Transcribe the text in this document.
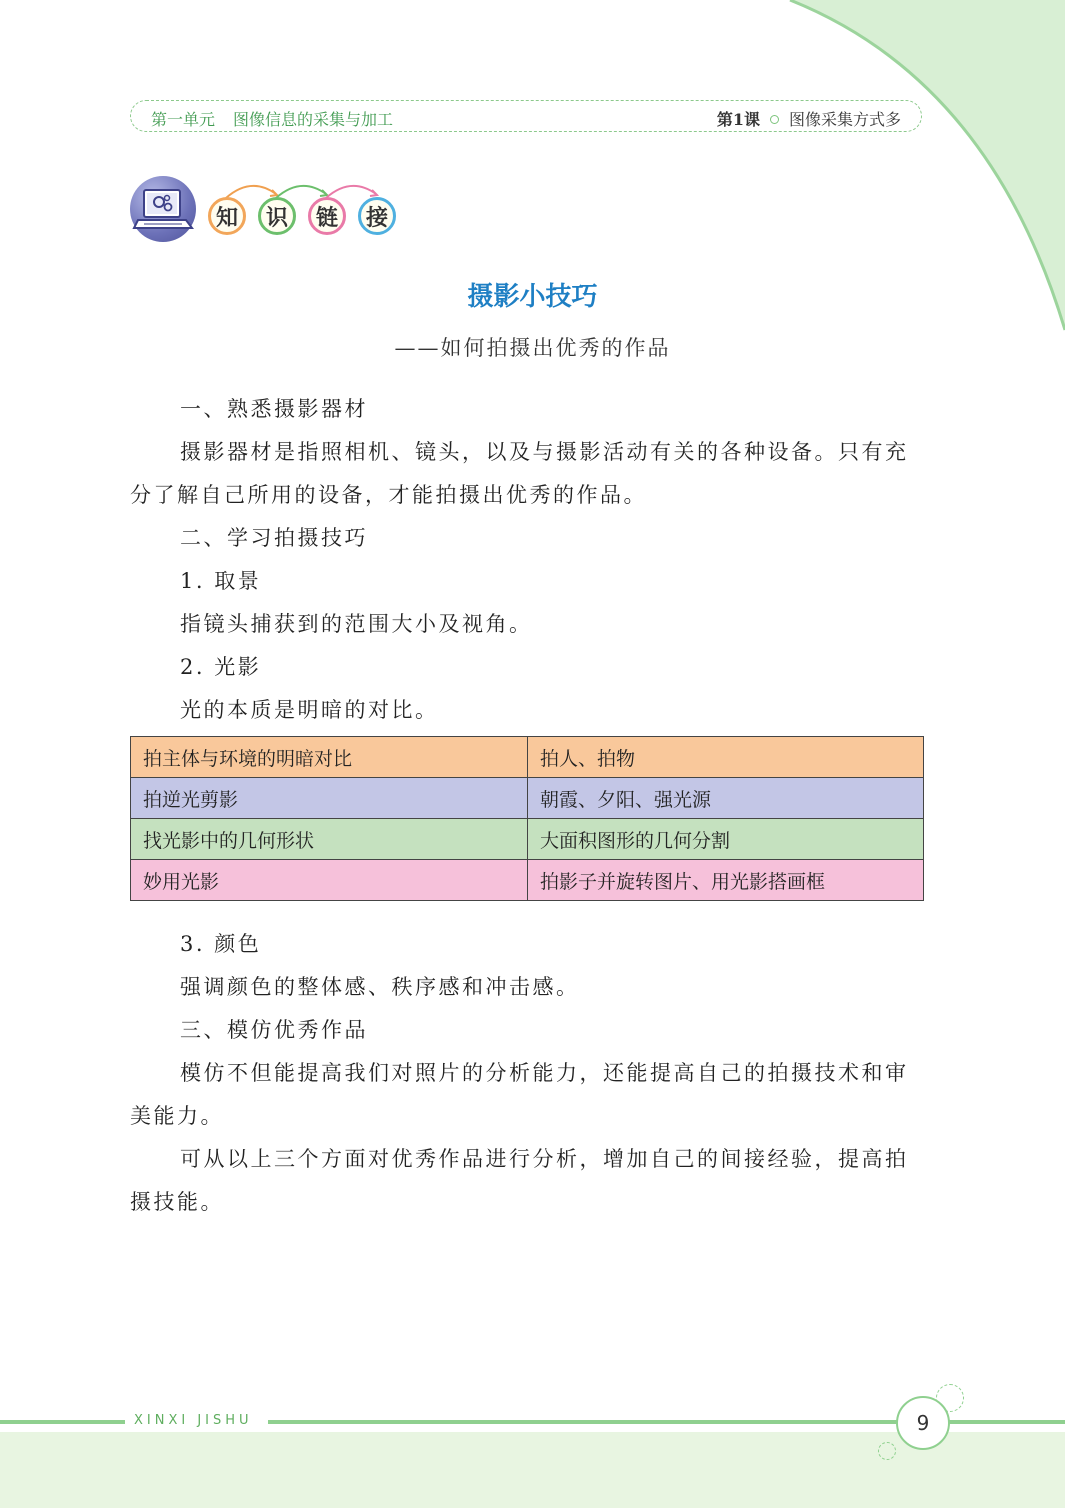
第一单元 图像信息的采集与加工	第1课 图像采集方式多
知	识	链	接
摄影小技巧
——如何拍摄出优秀的作品
一、熟悉摄影器材
摄影器材是指照相机、镜头，以及与摄影活动有关的各种设备。只有充
分了解自己所用的设备，才能拍摄出优秀的作品。
二、学习拍摄技巧
1. 取景
指镜头捕获到的范围大小及视角。
2. 光影
光的本质是明暗的对比。
拍主体与环境的明暗对比	拍人、拍物
拍逆光剪影	朝霞、夕阳、强光源
找光影中的几何形状	大面积图形的几何分割
妙用光影	拍影子并旋转图片、用光影搭画框
3. 颜色
强调颜色的整体感、秩序感和冲击感。
三、模仿优秀作品
模仿不但能提高我们对照片的分析能力，还能提高自己的拍摄技术和审
美能力。
可从以上三个方面对优秀作品进行分析，增加自己的间接经验，提高拍
摄技能。
XINXI JISHU	9
